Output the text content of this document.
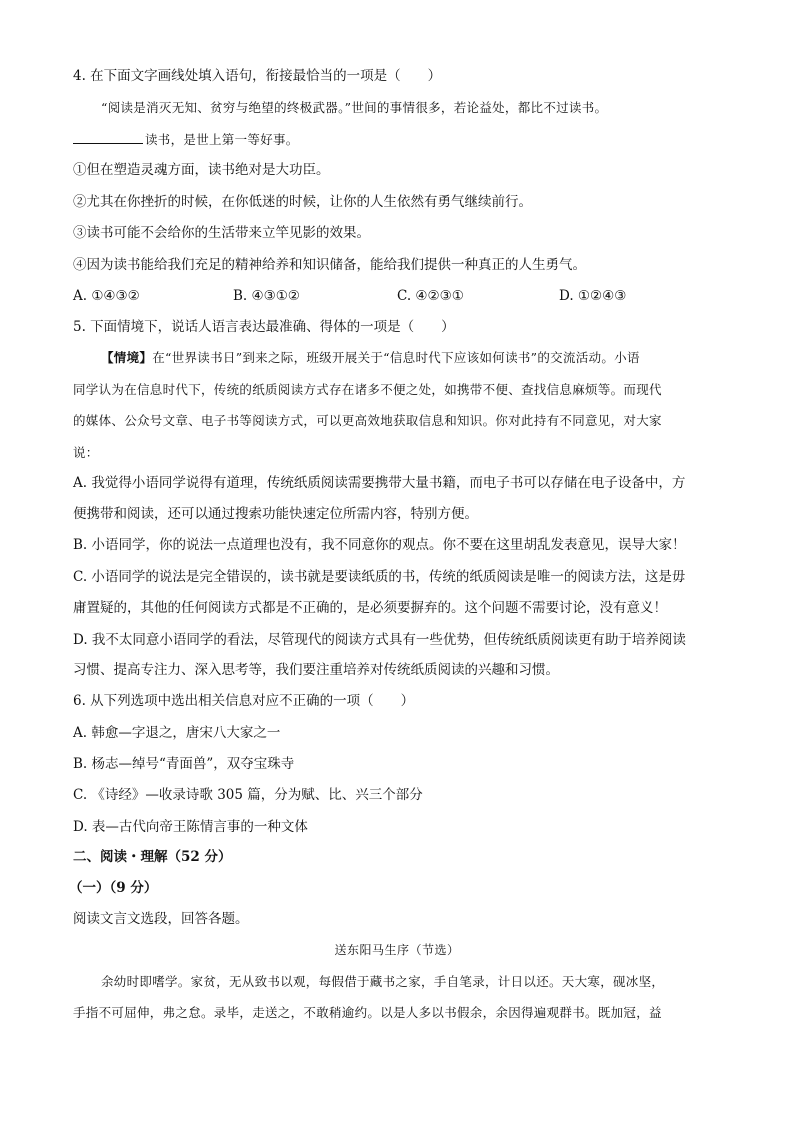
4. 在下面文字画线处填入语句，衔接最恰当的一项是（　　）
“阅读是消灭无知、贫穷与绝望的终极武器。”世间的事情很多，若论益处，都比不过读书。
读书，是世上第一等好事。
①但在塑造灵魂方面，读书绝对是大功臣。
②尤其在你挫折的时候，在你低迷的时候，让你的人生依然有勇气继续前行。
③读书可能不会给你的生活带来立竿见影的效果。
④因为读书能给我们充足的精神给养和知识储备，能给我们提供一种真正的人生勇气。
A. ①④③②	B. ④③①②	C. ④②③①	D. ①②④③
5. 下面情境下，说话人语言表达最准确、得体的一项是（　　）
【情境】在“世界读书日”到来之际，班级开展关于“信息时代下应该如何读书”的交流活动。小语
同学认为在信息时代下，传统的纸质阅读方式存在诸多不便之处，如携带不便、查找信息麻烦等。而现代
的媒体、公众号文章、电子书等阅读方式，可以更高效地获取信息和知识。你对此持有不同意见，对大家
说：
A. 我觉得小语同学说得有道理，传统纸质阅读需要携带大量书籍，而电子书可以存储在电子设备中，方
便携带和阅读，还可以通过搜索功能快速定位所需内容，特别方便。
B. 小语同学，你的说法一点道理也没有，我不同意你的观点。你不要在这里胡乱发表意见，误导大家！
C. 小语同学的说法是完全错误的，读书就是要读纸质的书，传统的纸质阅读是唯一的阅读方法，这是毋
庸置疑的，其他的任何阅读方式都是不正确的，是必须要摒弃的。这个问题不需要讨论，没有意义！
D. 我不太同意小语同学的看法，尽管现代的阅读方式具有一些优势，但传统纸质阅读更有助于培养阅读
习惯、提高专注力、深入思考等，我们要注重培养对传统纸质阅读的兴趣和习惯。
6. 从下列选项中选出相关信息对应不正确的一项（　　）
A. 韩愈—字退之，唐宋八大家之一
B. 杨志—绰号“青面兽”，双夺宝珠寺
C. 《诗经》—收录诗歌 305 篇，分为赋、比、兴三个部分
D. 表—古代向帝王陈情言事的一种文体
二、阅读・理解（52 分）
（一）（9 分）
阅读文言文选段，回答各题。
送东阳马生序（节选）
余幼时即嗜学。家贫，无从致书以观，每假借于藏书之家，手自笔录，计日以还。天大寒，砚冰坚，
手指不可屈伸，弗之怠。录毕，走送之，不敢稍逾约。以是人多以书假余，余因得遍观群书。既加冠，益
